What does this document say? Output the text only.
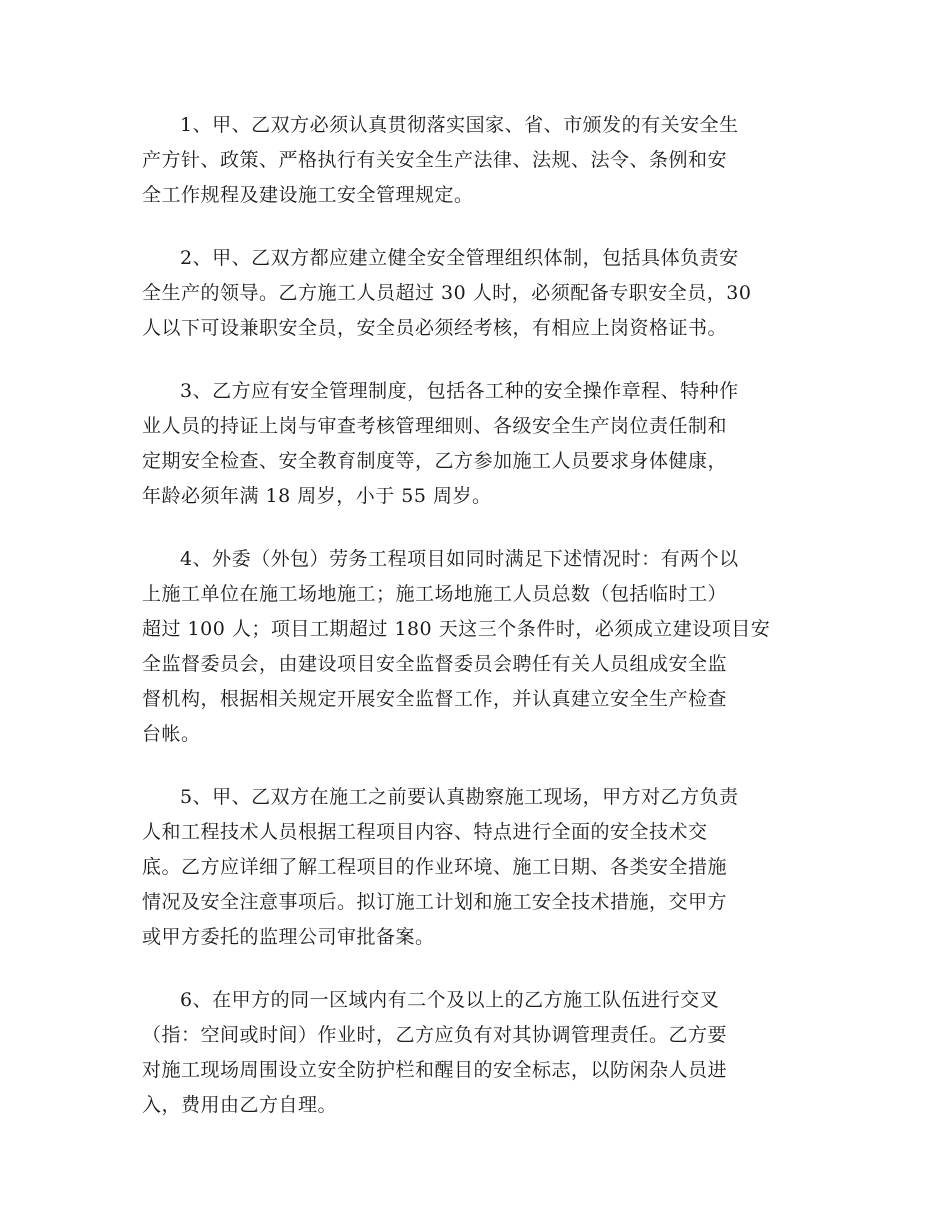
1、甲、乙双方必须认真贯彻落实国家、省、市颁发的有关安全生
产方针、政策、严格执行有关安全生产法律、法规、法令、条例和安
全工作规程及建设施工安全管理规定。

2、甲、乙双方都应建立健全安全管理组织体制，包括具体负责安
全生产的领导。乙方施工人员超过 30 人时，必须配备专职安全员，30
人以下可设兼职安全员，安全员必须经考核，有相应上岗资格证书。

3、乙方应有安全管理制度，包括各工种的安全操作章程、特种作
业人员的持证上岗与审查考核管理细则、各级安全生产岗位责任制和
定期安全检查、安全教育制度等，乙方参加施工人员要求身体健康，
年龄必须年满 18 周岁，小于 55 周岁。

4、外委（外包）劳务工程项目如同时满足下述情况时：有两个以
上施工单位在施工场地施工；施工场地施工人员总数（包括临时工）
超过 100 人；项目工期超过 180 天这三个条件时，必须成立建设项目安
全监督委员会，由建设项目安全监督委员会聘任有关人员组成安全监
督机构，根据相关规定开展安全监督工作，并认真建立安全生产检查
台帐。

5、甲、乙双方在施工之前要认真勘察施工现场，甲方对乙方负责
人和工程技术人员根据工程项目内容、特点进行全面的安全技术交
底。乙方应详细了解工程项目的作业环境、施工日期、各类安全措施
情况及安全注意事项后。拟订施工计划和施工安全技术措施，交甲方
或甲方委托的监理公司审批备案。

6、在甲方的同一区域内有二个及以上的乙方施工队伍进行交叉
（指：空间或时间）作业时，乙方应负有对其协调管理责任。乙方要
对施工现场周围设立安全防护栏和醒目的安全标志，以防闲杂人员进
入，费用由乙方自理。
